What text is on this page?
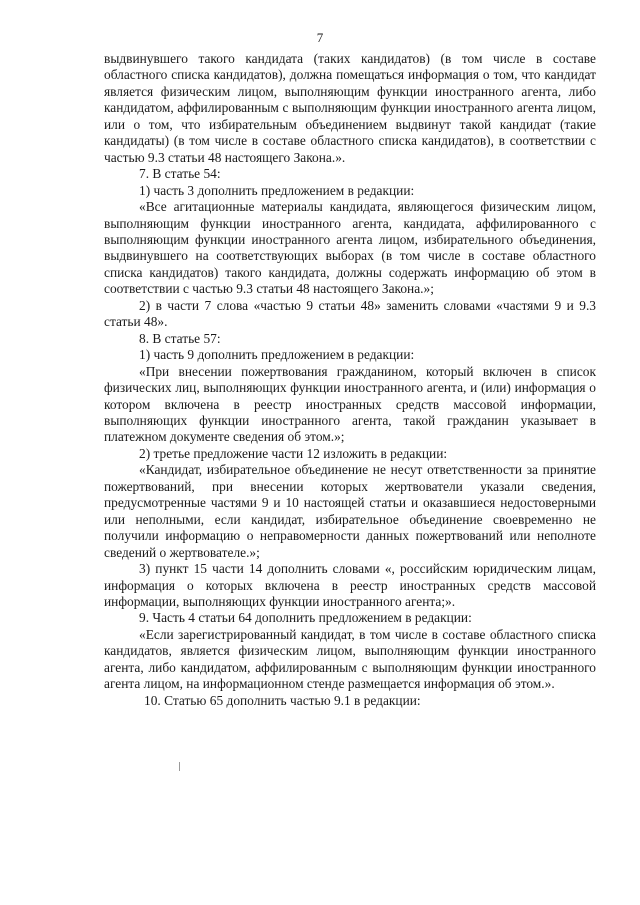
7

выдвинувшего такого кандидата (таких кандидатов) (в том числе в составе областного списка кандидатов), должна помещаться информация о том, что кандидат является физическим лицом, выполняющим функции иностранного агента, либо кандидатом, аффилированным с выполняющим функции иностранного агента лицом, или о том, что избирательным объединением выдвинут такой кандидат (такие кандидаты) (в том числе в составе областного списка кандидатов), в соответствии с частью 9.3 статьи 48 настоящего Закона.».

7. В статье 54:

1) часть 3 дополнить предложением в редакции:

«Все агитационные материалы кандидата, являющегося физическим лицом, выполняющим функции иностранного агента, кандидата, аффилированного с выполняющим функции иностранного агента лицом, избирательного объединения, выдвинувшего на соответствующих выборах (в том числе в составе областного списка кандидатов) такого кандидата, должны содержать информацию об этом в соответствии с частью 9.3 статьи 48 настоящего Закона.»;

2) в части 7 слова «частью 9 статьи 48» заменить словами «частями 9 и 9.3 статьи 48».

8. В статье 57:

1) часть 9 дополнить предложением в редакции:

«При внесении пожертвования гражданином, который включен в список физических лиц, выполняющих функции иностранного агента, и (или) информация о котором включена в реестр иностранных средств массовой информации, выполняющих функции иностранного агента, такой гражданин указывает в платежном документе сведения об этом.»;

2) третье предложение части 12 изложить в редакции:

«Кандидат, избирательное объединение не несут ответственности за принятие пожертвований, при внесении которых жертвователи указали сведения, предусмотренные частями 9 и 10 настоящей статьи и оказавшиеся недостоверными или неполными, если кандидат, избирательное объединение своевременно не получили информацию о неправомерности данных пожертвований или неполноте сведений о жертвователе.»;

3) пункт 15 части 14 дополнить словами «, российским юридическим лицам, информация о которых включена в реестр иностранных средств массовой информации, выполняющих функции иностранного агента;».

9. Часть 4 статьи 64 дополнить предложением в редакции:

«Если зарегистрированный кандидат, в том числе в составе областного списка кандидатов, является физическим лицом, выполняющим функции иностранного агента, либо кандидатом, аффилированным с выполняющим функции иностранного агента лицом, на информационном стенде размещается информация об этом.».

10. Статью 65 дополнить частью 9.1 в редакции:
